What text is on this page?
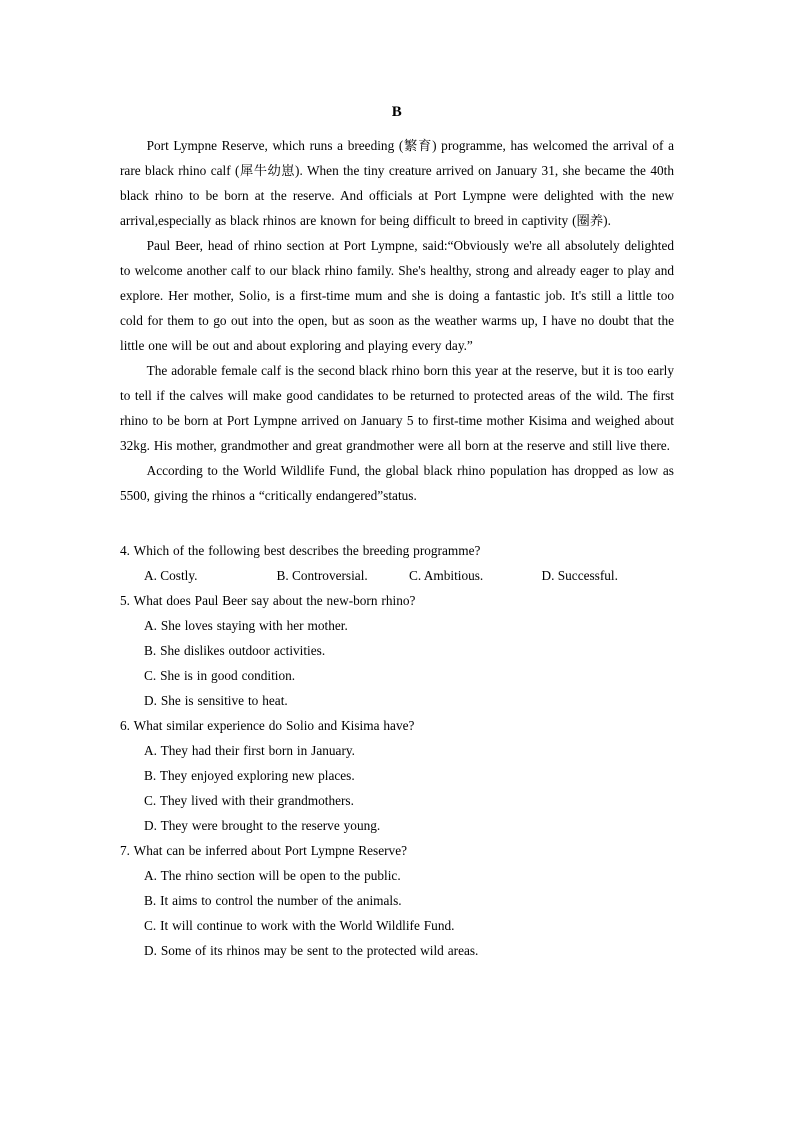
B

Port Lympne Reserve, which runs a breeding (繁育) programme, has welcomed the arrival of a rare black rhino calf (犀牛幼崽). When the tiny creature arrived on January 31, she became the 40th black rhino to be born at the reserve. And officials at Port Lympne were delighted with the new arrival,especially as black rhinos are known for being difficult to breed in captivity (圈养).

Paul Beer, head of rhino section at Port Lympne, said:“Obviously we're all absolutely delighted to welcome another calf to our black rhino family. She's healthy, strong and already eager to play and explore. Her mother, Solio, is a first-time mum and she is doing a fantastic job. It's still a little too cold for them to go out into the open, but as soon as the weather warms up, I have no doubt that the little one will be out and about exploring and playing every day.”

The adorable female calf is the second black rhino born this year at the reserve, but it is too early to tell if the calves will make good candidates to be returned to protected areas of the wild. The first rhino to be born at Port Lympne arrived on January 5 to first-time mother Kisima and weighed about 32kg. His mother, grandmother and great grandmother were all born at the reserve and still live there.

According to the World Wildlife Fund, the global black rhino population has dropped as low as 5500, giving the rhinos a “critically endangered”status.

4. Which of the following best describes the breeding programme?

A. Costly.	B. Controversial.	C. Ambitious.	D. Successful.

5. What does Paul Beer say about the new-born rhino?

A. She loves staying with her mother.
B. She dislikes outdoor activities.
C. She is in good condition.
D. She is sensitive to heat.

6. What similar experience do Solio and Kisima have?

A. They had their first born in January.
B. They enjoyed exploring new places.
C. They lived with their grandmothers.
D. They were brought to the reserve young.

7. What can be inferred about Port Lympne Reserve?

A. The rhino section will be open to the public.
B. It aims to control the number of the animals.
C. It will continue to work with the World Wildlife Fund.
D. Some of its rhinos may be sent to the protected wild areas.
